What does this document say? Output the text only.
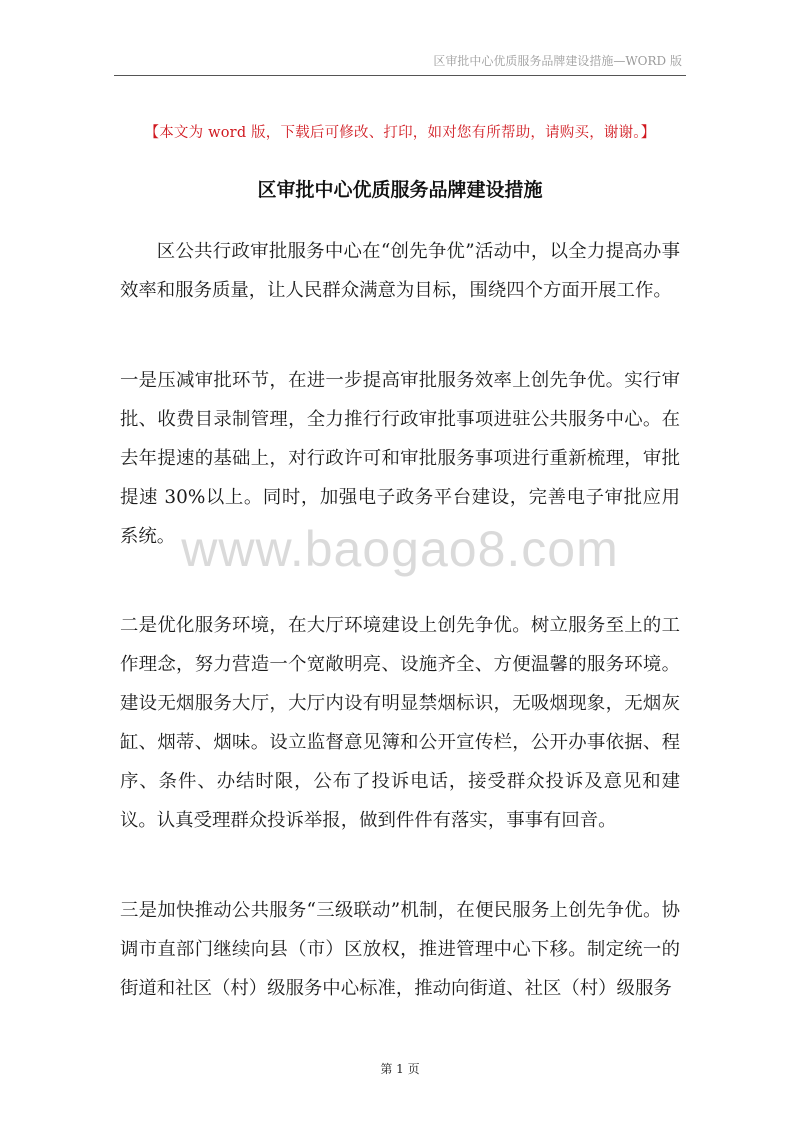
区审批中心优质服务品牌建设措施—WORD 版
【本文为 word 版，下载后可修改、打印，如对您有所帮助，请购买，谢谢。】
区审批中心优质服务品牌建设措施

区公共行政审批服务中心在“创先争优”活动中，以全力提高办事效率和服务质量，让人民群众满意为目标，围绕四个方面开展工作。

一是压减审批环节，在进一步提高审批服务效率上创先争优。实行审批、收费目录制管理，全力推行行政审批事项进驻公共服务中心。在去年提速的基础上，对行政许可和审批服务事项进行重新梳理，审批提速 30%以上。同时，加强电子政务平台建设，完善电子审批应用系统。

二是优化服务环境，在大厅环境建设上创先争优。树立服务至上的工作理念，努力营造一个宽敞明亮、设施齐全、方便温馨的服务环境。建设无烟服务大厅，大厅内设有明显禁烟标识，无吸烟现象，无烟灰缸、烟蒂、烟味。设立监督意见簿和公开宣传栏，公开办事依据、程序、条件、办结时限，公布了投诉电话，接受群众投诉及意见和建议。认真受理群众投诉举报，做到件件有落实，事事有回音。

三是加快推动公共服务“三级联动”机制，在便民服务上创先争优。协调市直部门继续向县（市）区放权，推进管理中心下移。制定统一的街道和社区（村）级服务中心标准，推动向街道、社区（村）级服务

www.baogao8.com
第 1 页
